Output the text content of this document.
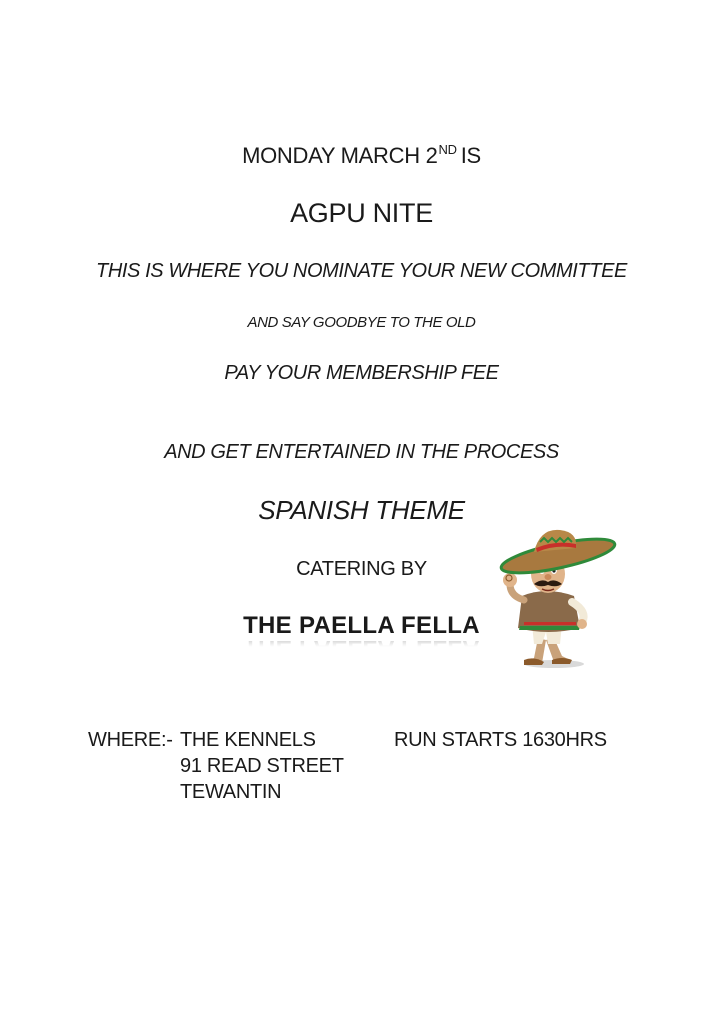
MONDAY MARCH 2ND IS
AGPU NITE
THIS IS WHERE YOU NOMINATE YOUR NEW COMMITTEE
AND SAY GOODBYE TO THE OLD
PAY YOUR MEMBERSHIP FEE
AND GET ENTERTAINED IN THE PROCESS
SPANISH THEME
CATERING BY
THE PAELLA FELLA
WHERE:- THE KENNELS
91 READ STREET
TEWANTIN
RUN STARTS 1630HRS
